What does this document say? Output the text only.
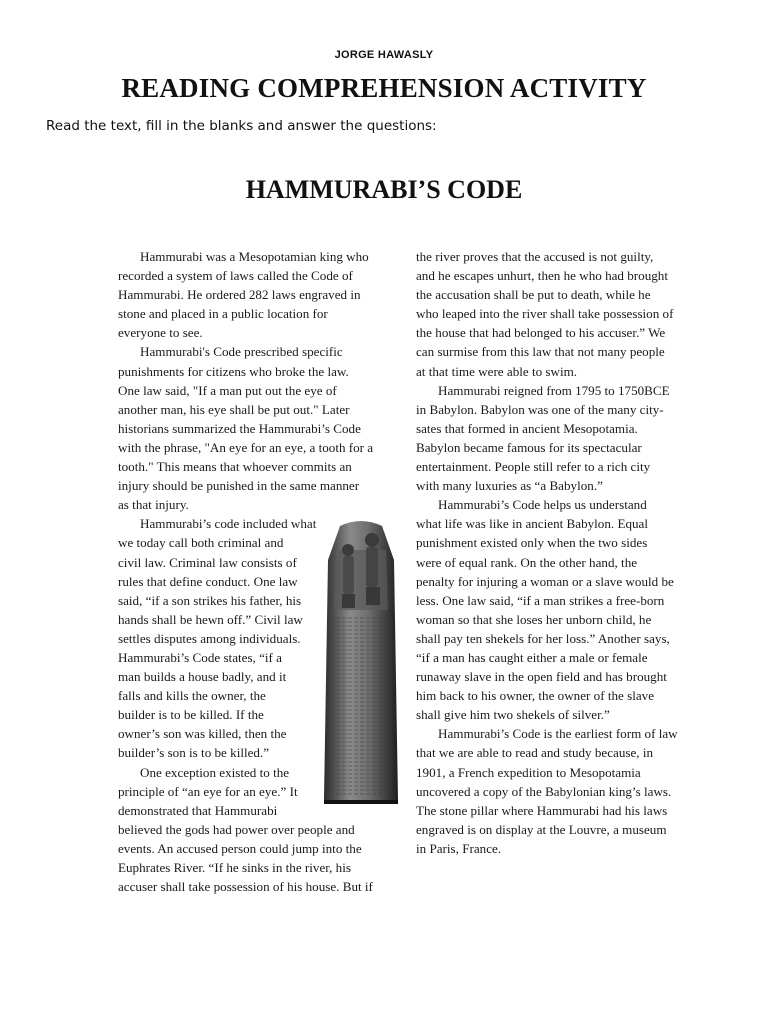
JORGE HAWASLY
READING COMPREHENSION ACTIVITY
Read the text, fill in the blanks and answer the questions:
HAMMURABI’S CODE
Hammurabi was a Mesopotamian king who
recorded a system of laws called the Code of
Hammurabi. He ordered 282 laws engraved in
stone and placed in a public location for
everyone to see.
Hammurabi's Code prescribed specific
punishments for citizens who broke the law.
One law said, "If a man put out the eye of
another man, his eye shall be put out." Later
historians summarized the Hammurabi’s Code
with the phrase, "An eye for an eye, a tooth for a
tooth." This means that whoever commits an
injury should be punished in the same manner
as that injury.
Hammurabi’s code included what
we today call both criminal and
civil law. Criminal law consists of
rules that define conduct. One law
said, “if a son strikes his father, his
hands shall be hewn off.” Civil law
settles disputes among individuals.
Hammurabi’s Code states, “if a
man builds a house badly, and it
falls and kills the owner, the
builder is to be killed. If the
owner’s son was killed, then the
builder’s son is to be killed.”
One exception existed to the
principle of “an eye for an eye.” It
demonstrated that Hammurabi
believed the gods had power over people and
events. An accused person could jump into the
Euphrates River. “If he sinks in the river, his
accuser shall take possession of his house. But if
the river proves that the accused is not guilty,
and he escapes unhurt, then he who had brought
the accusation shall be put to death, while he
who leaped into the river shall take possession of
the house that had belonged to his accuser.” We
can surmise from this law that not many people
at that time were able to swim.
Hammurabi reigned from 1795 to 1750BCE
in Babylon. Babylon was one of the many city-
sates that formed in ancient Mesopotamia.
Babylon became famous for its spectacular
entertainment. People still refer to a rich city
with many luxuries as “a Babylon.”
Hammurabi’s Code helps us understand
what life was like in ancient Babylon. Equal
punishment existed only when the two sides
were of equal rank. On the other hand, the
penalty for injuring a woman or a slave would be
less. One law said, “if a man strikes a free-born
woman so that she loses her unborn child, he
shall pay ten shekels for her loss.” Another says,
“if a man has caught either a male or female
runaway slave in the open field and has brought
him back to his owner, the owner of the slave
shall give him two shekels of silver.”
Hammurabi’s Code is the earliest form of law
that we are able to read and study because, in
1901, a French expedition to Mesopotamia
uncovered a copy of the Babylonian king’s laws.
The stone pillar where Hammurabi had his laws
engraved is on display at the Louvre, a museum
in Paris, France.
